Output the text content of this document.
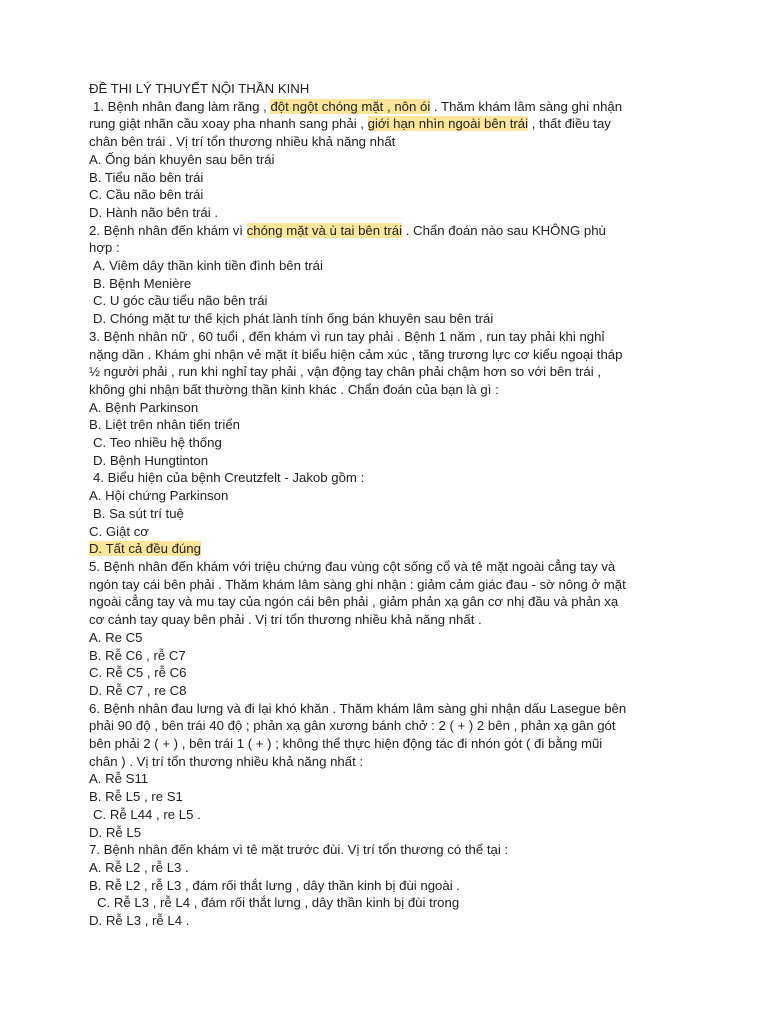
ĐỀ THI LÝ THUYẾT NỘI THẦN KINH
1. Bệnh nhân đang làm răng , đột ngột chóng mặt , nôn ói . Thăm khám lâm sàng ghi nhận
rung giật nhãn cầu xoay pha nhanh sang phải , giới hạn nhìn ngoài bên trái , thất điều tay
chân bên trái . Vị trí tổn thương nhiều khả năng nhất
A. Ống bán khuyên sau bên trái
B. Tiểu não bên trái
C. Cầu não bên trái
D. Hành não bên trái .
2. Bệnh nhân đến khám vì chóng mặt và ù tai bên trái . Chẩn đoán nào sau KHÔNG phù
hợp :
A. Viêm dây thần kinh tiền đình bên trái
B. Bệnh Menière
C. U góc cầu tiểu não bên trái
D. Chóng mặt tư thế kịch phát lành tính ống bán khuyên sau bên trái
3. Bệnh nhân nữ , 60 tuổi , đến khám vì run tay phải . Bệnh 1 năm , run tay phải khi nghỉ
nặng dần . Khám ghi nhận vẻ mặt ít biểu hiện cảm xúc , tăng trương lực cơ kiểu ngoại tháp
½ người phải , run khi nghỉ tay phải , vận động tay chân phải chậm hơn so với bên trái ,
không ghi nhận bất thường thần kinh khác . Chẩn đoán của bạn là gì :
A. Bệnh Parkinson
B. Liệt trên nhân tiến triển
C. Teo nhiều hệ thống
D. Bệnh Hungtinton
4. Biểu hiện của bệnh Creutzfelt - Jakob gồm :
A. Hội chứng Parkinson
B. Sa sút trí tuệ
C. Giật cơ
D. Tất cả đều đúng
5. Bệnh nhân đến khám với triệu chứng đau vùng cột sống cổ và tê mặt ngoài cẳng tay và
ngón tay cái bên phải . Thăm khám lâm sàng ghi nhận : giảm cảm giác đau - sờ nông ở mặt
ngoài cẳng tay và mu tay của ngón cái bên phải , giảm phản xạ gân cơ nhị đầu và phản xạ
cơ cánh tay quay bên phải . Vị trí tổn thương nhiều khả năng nhất .
A. Re C5
B. Rễ C6 , rễ C7
C. Rễ C5 , rễ C6
D. Rễ C7 , re C8
6. Bệnh nhân đau lưng và đi lại khó khăn . Thăm khám lâm sàng ghi nhận dấu Lasegue bên
phải 90 độ , bên trái 40 độ ; phản xạ gân xương bánh chở : 2 ( + ) 2 bên , phản xạ gân gót
bên phải 2 ( + ) , bên trái 1 ( + ) ; không thể thực hiện động tác đi nhón gót ( đi bằng mũi
chân ) . Vị trí tổn thương nhiều khả năng nhất :
A. Rễ S11
B. Rễ L5 , re S1
C. Rễ L44 , re L5 .
D. Rễ L5
7. Bệnh nhân đến khám vì tê mặt trước đùi. Vị trí tổn thương có thể tại :
A. Rễ L2 , rễ L3 .
B. Rễ L2 , rễ L3 , đám rối thắt lưng , dây thần kinh bị đùi ngoài .
C. Rễ L3 , rễ L4 , đám rối thắt lưng , dây thần kinh bị đùi trong
D. Rễ L3 , rễ L4 .
